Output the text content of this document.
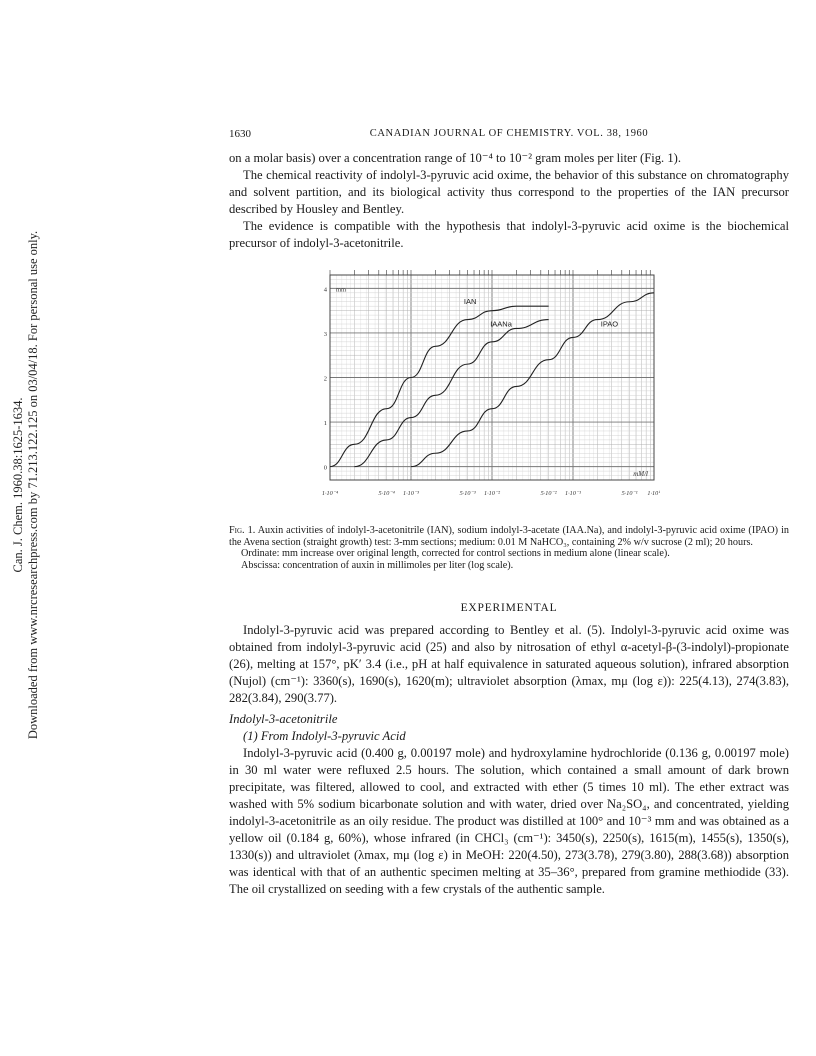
Can. J. Chem. 1960.38:1625-1634. Downloaded from www.nrcresearchpress.com by 71.213.122.125 on 03/04/18. For personal use only.
1630	CANADIAN JOURNAL OF CHEMISTRY. VOL. 38, 1960

on a molar basis) over a concentration range of 10⁻⁴ to 10⁻² gram moles per liter (Fig. 1).

The chemical reactivity of indolyl-3-pyruvic acid oxime, the behavior of this substance on chromatography and solvent partition, and its biological activity thus correspond to the properties of the IAN precursor described by Housley and Bentley.

The evidence is compatible with the hypothesis that indolyl-3-pyruvic acid oxime is the biochemical precursor of indolyl-3-acetonitrile.

0
1
2
3
4 mm
1·10⁻⁴	5·10⁻⁴ 1·10⁻³	5·10⁻³ 1·10⁻²	5·10⁻² 1·10⁻¹	5·10⁻¹ 1·10⁰
mM/l
IAN
IAANa	IPAO

Fig. 1. Auxin activities of indolyl-3-acetonitrile (IAN), sodium indolyl-3-acetate (IAA.Na), and indolyl-3-pyruvic acid oxime (IPAO) in the Avena section (straight growth) test: 3-mm sections; medium: 0.01 M NaHCO₃, containing 2% w/v sucrose (2 ml); 20 hours.

Ordinate: mm increase over original length, corrected for control sections in medium alone (linear scale).

Abscissa: concentration of auxin in millimoles per liter (log scale).

EXPERIMENTAL

Indolyl-3-pyruvic acid was prepared according to Bentley et al. (5). Indolyl-3-pyruvic acid oxime was obtained from indolyl-3-pyruvic acid (25) and also by nitrosation of ethyl α-acetyl-β-(3-indolyl)-propionate (26), melting at 157°, pK′ 3.4 (i.e., pH at half equivalence in saturated aqueous solution), infrared absorption (Nujol) (cm⁻¹): 3360(s), 1690(s), 1620(m); ultraviolet absorption (λmax, mμ (log ε)): 225(4.13), 274(3.83), 282(3.84), 290(3.77).

Indolyl-3-acetonitrile

(1) From Indolyl-3-pyruvic Acid

Indolyl-3-pyruvic acid (0.400 g, 0.00197 mole) and hydroxylamine hydrochloride (0.136 g, 0.00197 mole) in 30 ml water were refluxed 2.5 hours. The solution, which contained a small amount of dark brown precipitate, was filtered, allowed to cool, and extracted with ether (5 times 10 ml). The ether extract was washed with 5% sodium bicarbonate solution and with water, dried over Na₂SO₄, and concentrated, yielding indolyl-3-acetonitrile as an oily residue. The product was distilled at 100° and 10⁻³ mm and was obtained as a yellow oil (0.184 g, 60%), whose infrared (in CHCl₃ (cm⁻¹): 3450(s), 2250(s), 1615(m), 1455(s), 1350(s), 1330(s)) and ultraviolet (λmax, mμ (log ε) in MeOH: 220(4.50), 273(3.78), 279(3.80), 288(3.68)) absorption was identical with that of an authentic specimen melting at 35–36°, prepared from gramine methiodide (33). The oil crystallized on seeding with a few crystals of the authentic sample.
